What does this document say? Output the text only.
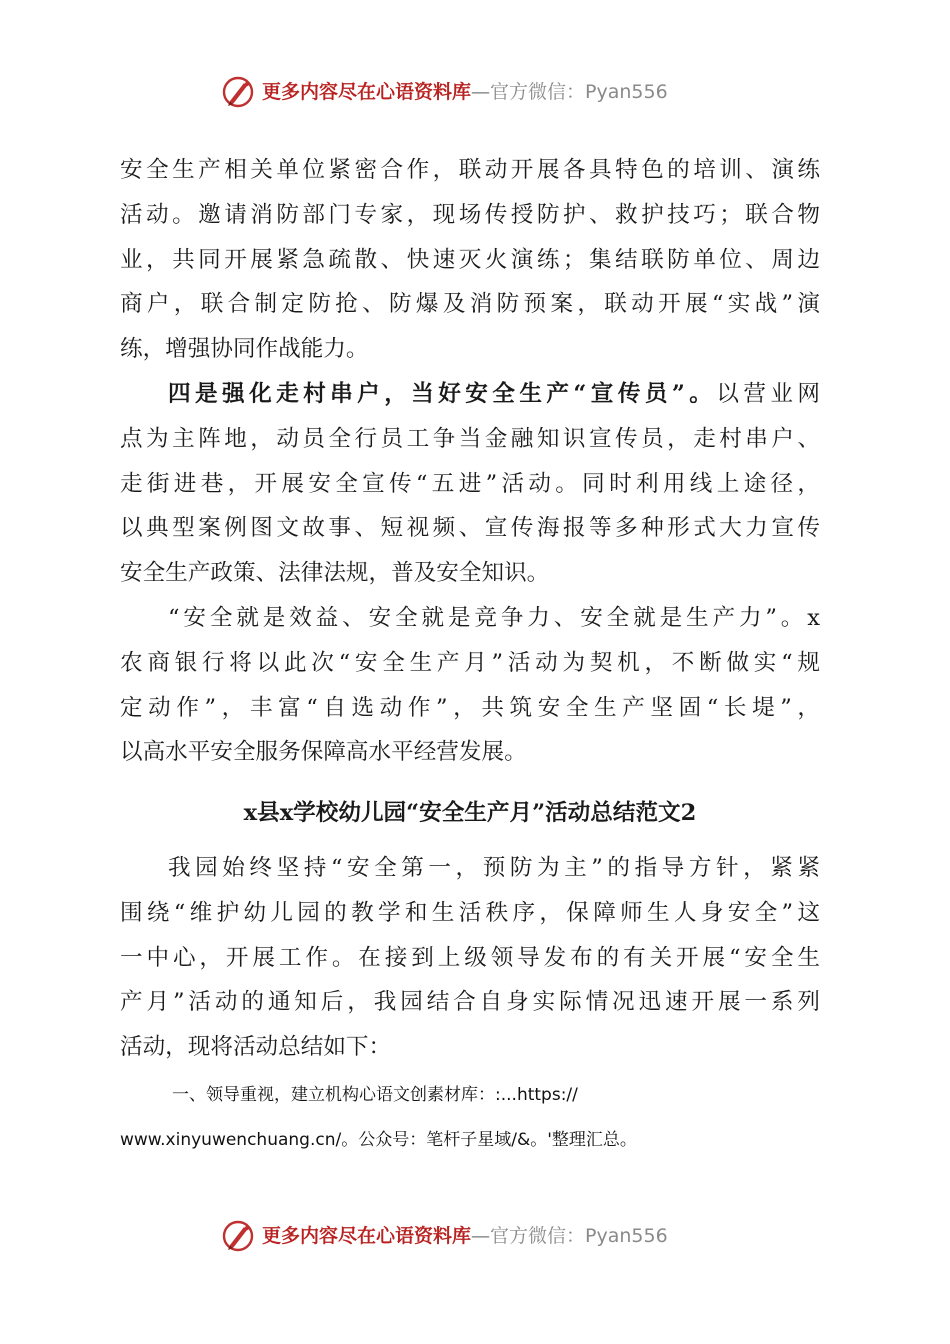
更多内容尽在心语资料库—官方微信：Pyan556
安全生产相关单位紧密合作，联动开展各具特色的培训、演练
活动。邀请消防部门专家，现场传授防护、救护技巧；联合物
业，共同开展紧急疏散、快速灭火演练；集结联防单位、周边
商户，联合制定防抢、防爆及消防预案，联动开展“实战”演
练，增强协同作战能力。
四是强化走村串户，当好安全生产“宣传员”。以营业网
点为主阵地，动员全行员工争当金融知识宣传员，走村串户、
走街进巷，开展安全宣传“五进”活动。同时利用线上途径，
以典型案例图文故事、短视频、宣传海报等多种形式大力宣传
安全生产政策、法律法规，普及安全知识。
“安全就是效益、安全就是竞争力、安全就是生产力”。x
农商银行将以此次“安全生产月”活动为契机，不断做实“规
定动作”，丰富“自选动作”，共筑安全生产坚固“长堤”，
以高水平安全服务保障高水平经营发展。
x县x学校幼儿园“安全生产月”活动总结范文2
我园始终坚持“安全第一，预防为主”的指导方针，紧紧
围绕“维护幼儿园的教学和生活秩序，保障师生人身安全”这
一中心，开展工作。在接到上级领导发布的有关开展“安全生
产月”活动的通知后，我园结合自身实际情况迅速开展一系列
活动，现将活动总结如下：
一、领导重视，建立机构心语文创素材库：:...https://
www.xinyuwenchuang.cn/。公众号：笔杆子星域/&。'整理汇总。
更多内容尽在心语资料库—官方微信：Pyan556
